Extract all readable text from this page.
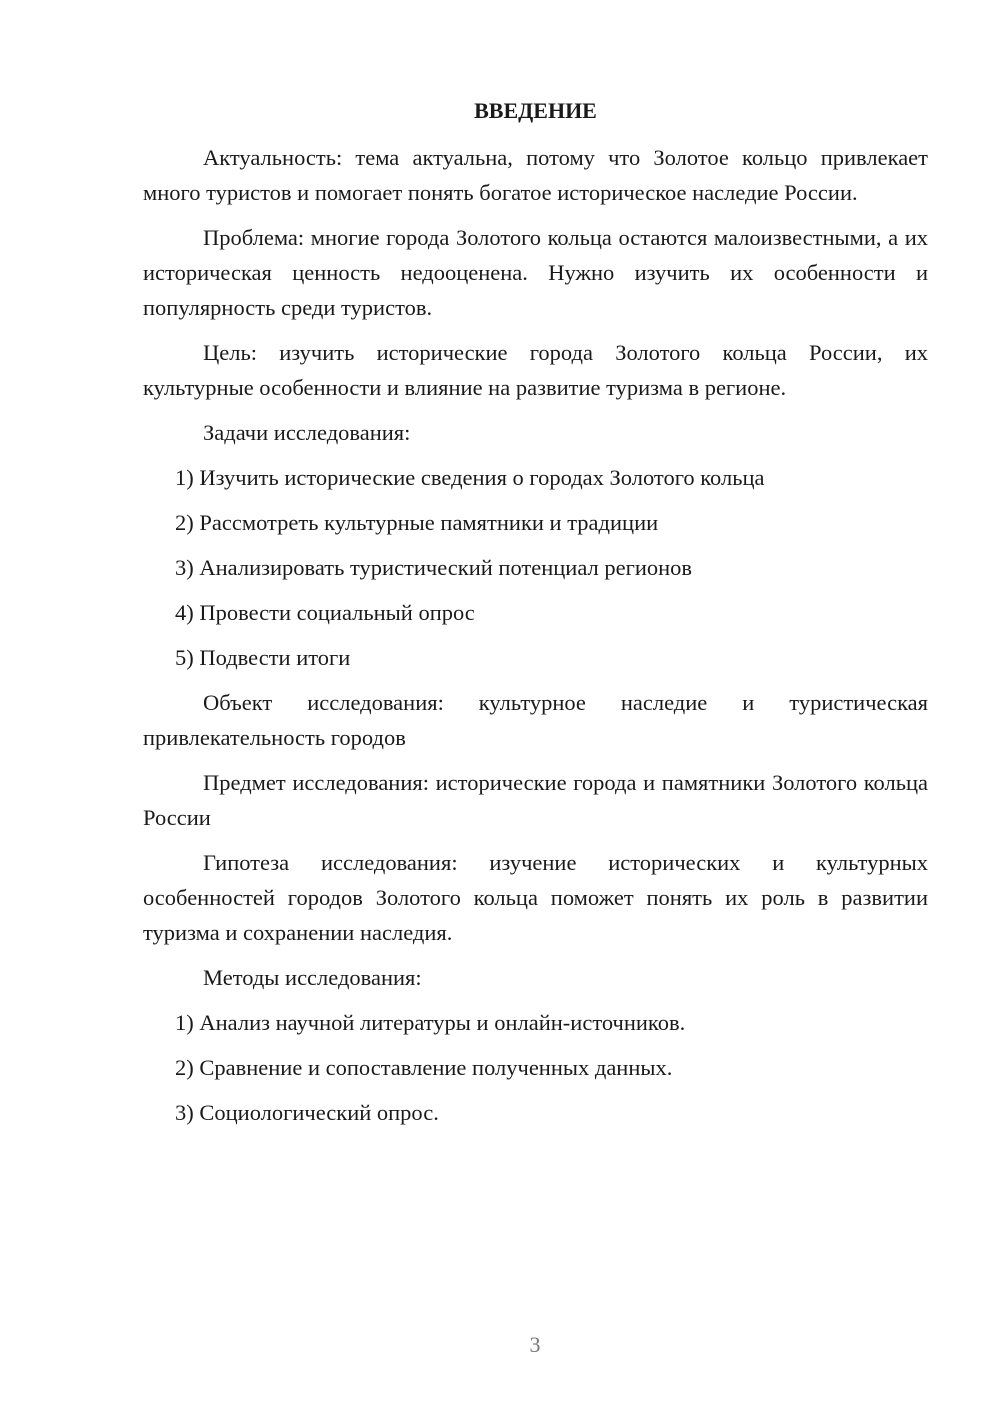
ВВЕДЕНИЕ

Актуальность: тема актуальна, потому что Золотое кольцо привлекает много туристов и помогает понять богатое историческое наследие России.

Проблема: многие города Золотого кольца остаются малоизвестными, а их историческая ценность недооценена. Нужно изучить их особенности и популярность среди туристов.

Цель: изучить исторические города Золотого кольца России, их культурные особенности и влияние на развитие туризма в регионе.

Задачи исследования:
1) Изучить исторические сведения о городах Золотого кольца
2) Рассмотреть культурные памятники и традиции
3) Анализировать туристический потенциал регионов
4) Провести социальный опрос
5) Подвести итоги

Объект исследования: культурное наследие и туристическая привлекательность городов

Предмет исследования: исторические города и памятники Золотого кольца России

Гипотеза исследования: изучение исторических и культурных особенностей городов Золотого кольца поможет понять их роль в развитии туризма и сохранении наследия.

Методы исследования:
1) Анализ научной литературы и онлайн-источников.
2) Сравнение и сопоставление полученных данных.
3) Социологический опрос.
3
